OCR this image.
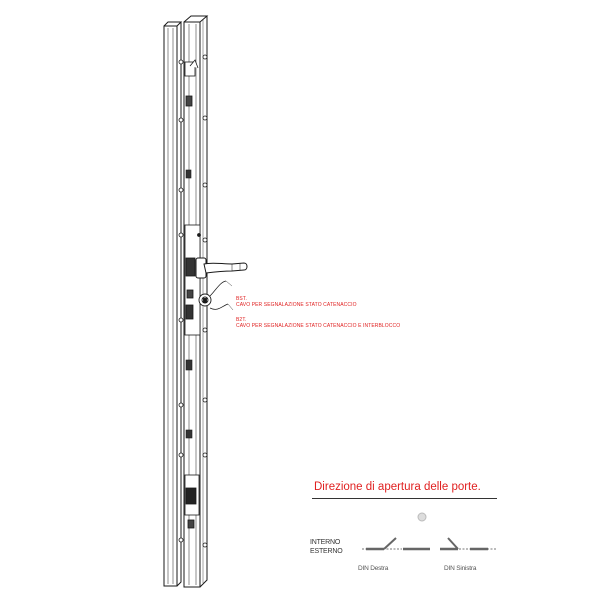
BST.
CAVO PER SEGNALAZIONE STATO CATENACCIO
B2T.
CAVO PER SEGNALAZIONE STATO CATENACCIO E INTERBLOCCO
Direzione di apertura delle porte.
INTERNO
ESTERNO
DIN Destra	DIN Sinistra
